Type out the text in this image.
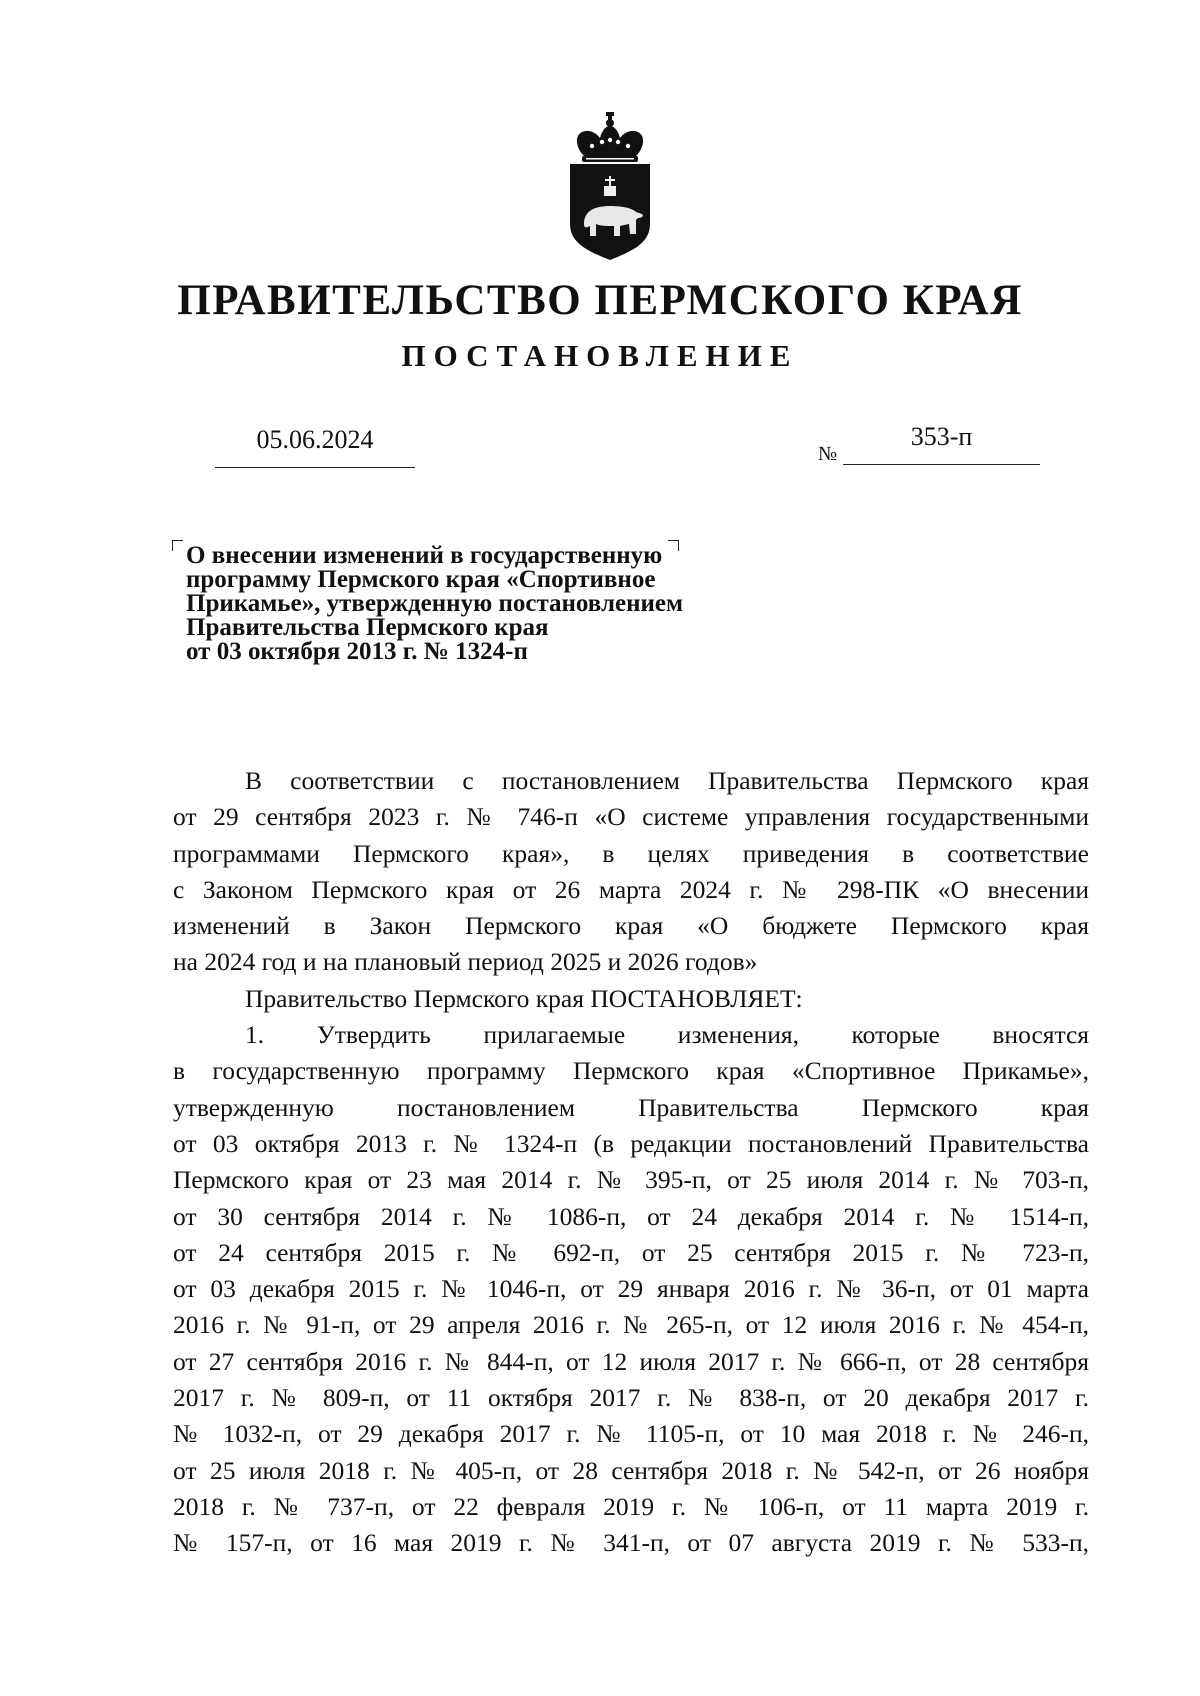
ПРАВИТЕЛЬСТВО ПЕРМСКОГО КРАЯ
ПОСТАНОВЛЕНИЕ
05.06.2024	№
353-п
О внесении изменений в государственную
программу Пермского края «Спортивное
Прикамье», утвержденную постановлением
Правительства Пермского края
от 03 октября 2013 г. № 1324-п
В соответствии с постановлением Правительства Пермского края
от 29 сентября 2023 г. № 746-п «О системе управления государственными
программами Пермского края», в целях приведения в соответствие
с Законом Пермского края от 26 марта 2024 г. № 298-ПК «О внесении
изменений в Закон Пермского края «О бюджете Пермского края
на 2024 год и на плановый период 2025 и 2026 годов»
Правительство Пермского края ПОСТАНОВЛЯЕТ:
1. Утвердить прилагаемые изменения, которые вносятся
в государственную программу Пермского края «Спортивное Прикамье»,
утвержденную постановлением Правительства Пермского края
от 03 октября 2013 г. № 1324-п (в редакции постановлений Правительства
Пермского края от 23 мая 2014 г. № 395-п, от 25 июля 2014 г. № 703-п,
от 30 сентября 2014 г. № 1086-п, от 24 декабря 2014 г. № 1514-п,
от 24 сентября 2015 г. № 692-п, от 25 сентября 2015 г. № 723-п,
от 03 декабря 2015 г. № 1046-п, от 29 января 2016 г. № 36-п, от 01 марта
2016 г. № 91-п, от 29 апреля 2016 г. № 265-п, от 12 июля 2016 г. № 454-п,
от 27 сентября 2016 г. № 844-п, от 12 июля 2017 г. № 666-п, от 28 сентября
2017 г. № 809-п, от 11 октября 2017 г. № 838-п, от 20 декабря 2017 г.
№ 1032-п, от 29 декабря 2017 г. № 1105-п, от 10 мая 2018 г. № 246-п,
от 25 июля 2018 г. № 405-п, от 28 сентября 2018 г. № 542-п, от 26 ноября
2018 г. № 737-п, от 22 февраля 2019 г. № 106-п, от 11 марта 2019 г.
№ 157-п, от 16 мая 2019 г. № 341-п, от 07 августа 2019 г. № 533-п,
